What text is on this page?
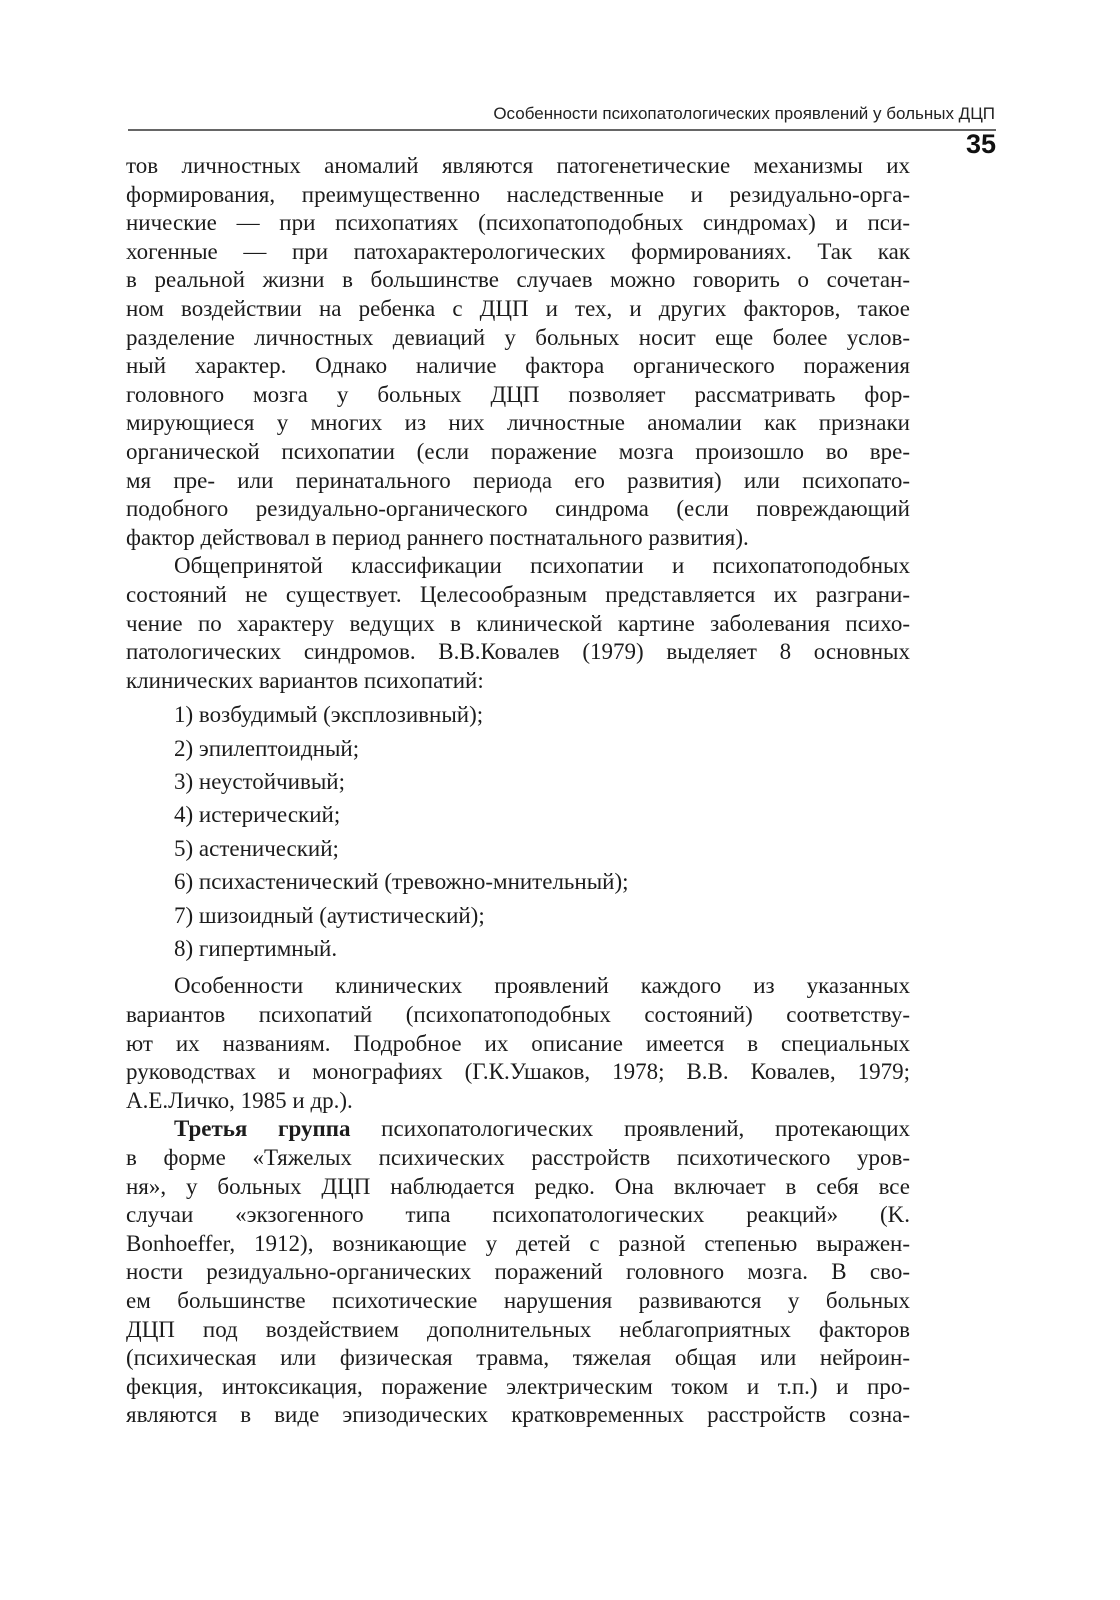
Особенности психопатологических проявлений у больных ДЦП
35
тов личностных аномалий являются патогенетические механизмы их
формирования, преимущественно наследственные и резидуально-орга-
нические — при психопатиях (психопатоподобных синдромах) и пси-
хогенные — при патохарактерологических формированиях. Так как
в реальной жизни в большинстве случаев можно говорить о сочетан-
ном воздействии на ребенка с ДЦП и тех, и других факторов, такое
разделение личностных девиаций у больных носит еще более услов-
ный характер. Однако наличие фактора органического поражения
головного мозга у больных ДЦП позволяет рассматривать фор-
мирующиеся у многих из них личностные аномалии как признаки
органической психопатии (если поражение мозга произошло во вре-
мя пре- или перинатального периода его развития) или психопато-
подобного резидуально-органического синдрома (если повреждающий
фактор действовал в период раннего постнатального развития).
Общепринятой классификации психопатии и психопатоподобных
состояний не существует. Целесообразным представляется их разграни-
чение по характеру ведущих в клинической картине заболевания психо-
патологических синдромов. В.В.Ковалев (1979) выделяет 8 основных
клинических вариантов психопатий:
1) возбудимый (эксплозивный);
2) эпилептоидный;
3) неустойчивый;
4) истерический;
5) астенический;
6) психастенический (тревожно-мнительный);
7) шизоидный (аутистический);
8) гипертимный.
Особенности клинических проявлений каждого из указанных
вариантов психопатий (психопатоподобных состояний) соответству-
ют их названиям. Подробное их описание имеется в специальных
руководствах и монографиях (Г.К.Ушаков, 1978; В.В. Ковалев, 1979;
А.Е.Личко, 1985 и др.).
Третья группа психопатологических проявлений, протекающих
в форме «Тяжелых психических расстройств психотического уров-
ня», у больных ДЦП наблюдается редко. Она включает в себя все
случаи «экзогенного типа психопатологических реакций» (K.
Bonhoeffer, 1912), возникающие у детей с разной степенью выражен-
ности резидуально-органических поражений головного мозга. В сво-
ем большинстве психотические нарушения развиваются у больных
ДЦП под воздействием дополнительных неблагоприятных факторов
(психическая или физическая травма, тяжелая общая или нейроин-
фекция, интоксикация, поражение электрическим током и т.п.) и про-
являются в виде эпизодических кратковременных расстройств созна-
